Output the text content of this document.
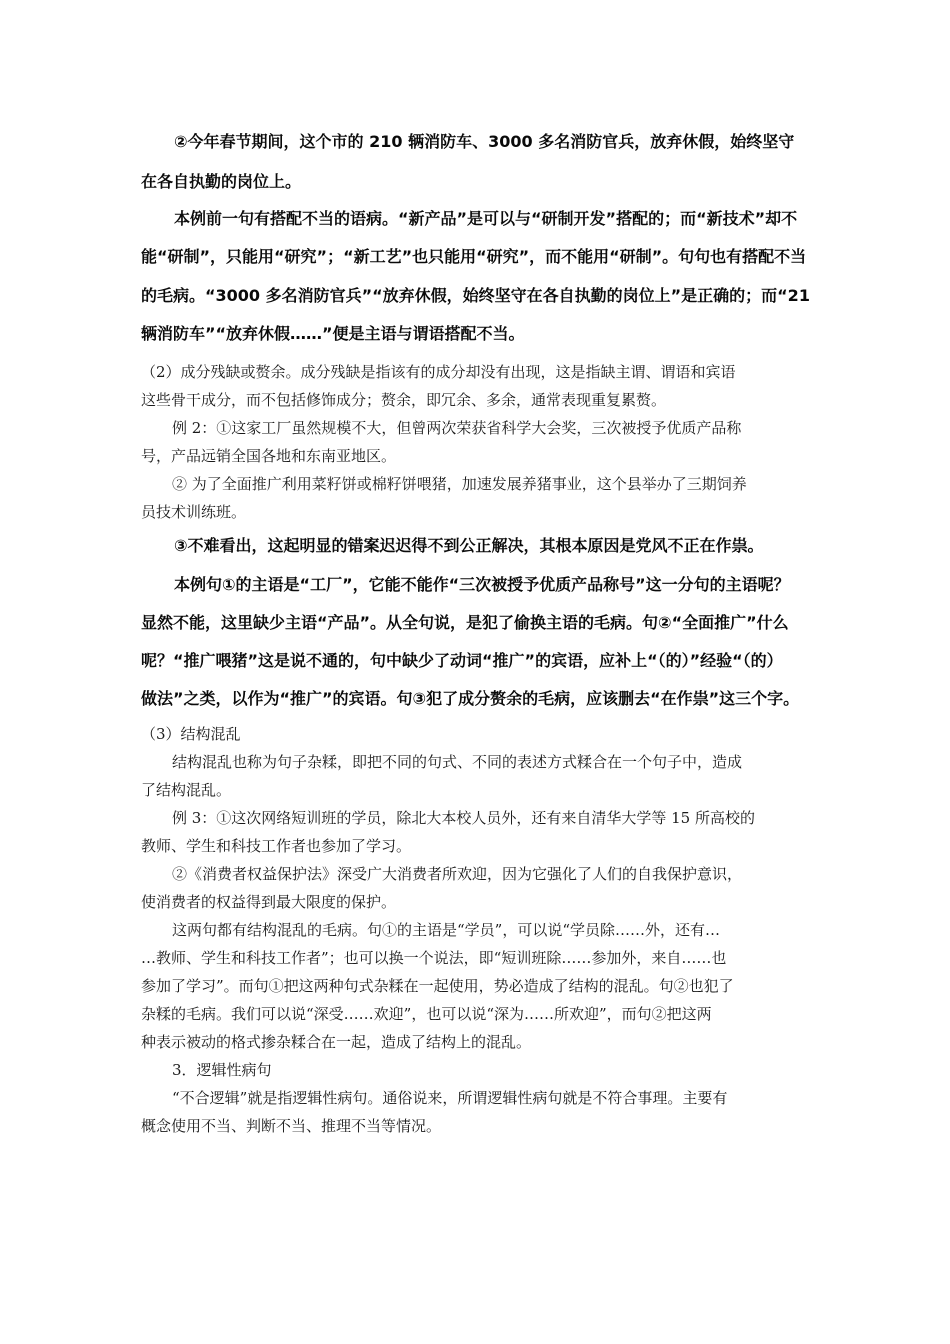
②今年春节期间，这个市的 210 辆消防车、3000 多名消防官兵，放弃休假，始终坚守
在各自执勤的岗位上。
本例前一句有搭配不当的语病。“新产品”是可以与“研制开发”搭配的；而“新技术”却不
能“研制”，只能用“研究”；“新工艺”也只能用“研究”，而不能用“研制”。句句也有搭配不当
的毛病。“3000 多名消防官兵”“放弃休假，始终坚守在各自执勤的岗位上”是正确的；而“21
辆消防车”“放弃休假……”便是主语与谓语搭配不当。
（2）成分残缺或赘余。成分残缺是指该有的成分却没有出现，这是指缺主谓、谓语和宾语
这些骨干成分，而不包括修饰成分；赘余，即冗余、多余，通常表现重复累赘。
例 2：①这家工厂虽然规模不大，但曾两次荣获省科学大会奖，三次被授予优质产品称
号，产品远销全国各地和东南亚地区。
② 为了全面推广利用菜籽饼或棉籽饼喂猪，加速发展养猪事业，这个县举办了三期饲养
员技术训练班。
③不难看出，这起明显的错案迟迟得不到公正解决，其根本原因是党风不正在作祟。
本例句①的主语是“工厂”，它能不能作“三次被授予优质产品称号”这一分句的主语呢？
显然不能，这里缺少主语“产品”。从全句说，是犯了偷换主语的毛病。句②“全面推广”什么
呢？“推广喂猪”这是说不通的，句中缺少了动词“推广”的宾语，应补上“（的）”经验“（的）
做法”之类，以作为“推广”的宾语。句③犯了成分赘余的毛病，应该删去“在作祟”这三个字。
（3）结构混乱
结构混乱也称为句子杂糅，即把不同的句式、不同的表述方式糅合在一个句子中，造成
了结构混乱。
例 3：①这次网络短训班的学员，除北大本校人员外，还有来自清华大学等 15 所高校的
教师、学生和科技工作者也参加了学习。
②《消费者权益保护法》深受广大消费者所欢迎，因为它强化了人们的自我保护意识，
使消费者的权益得到最大限度的保护。
这两句都有结构混乱的毛病。句①的主语是“学员”，可以说“学员除……外，还有…
…教师、学生和科技工作者”；也可以换一个说法，即“短训班除……参加外，来自……也
参加了学习”。而句①把这两种句式杂糅在一起使用，势必造成了结构的混乱。句②也犯了
杂糅的毛病。我们可以说“深受……欢迎”，也可以说“深为……所欢迎”，而句②把这两
种表示被动的格式掺杂糅合在一起，造成了结构上的混乱。
3．逻辑性病句
“不合逻辑”就是指逻辑性病句。通俗说来，所谓逻辑性病句就是不符合事理。主要有
概念使用不当、判断不当、推理不当等情况。
